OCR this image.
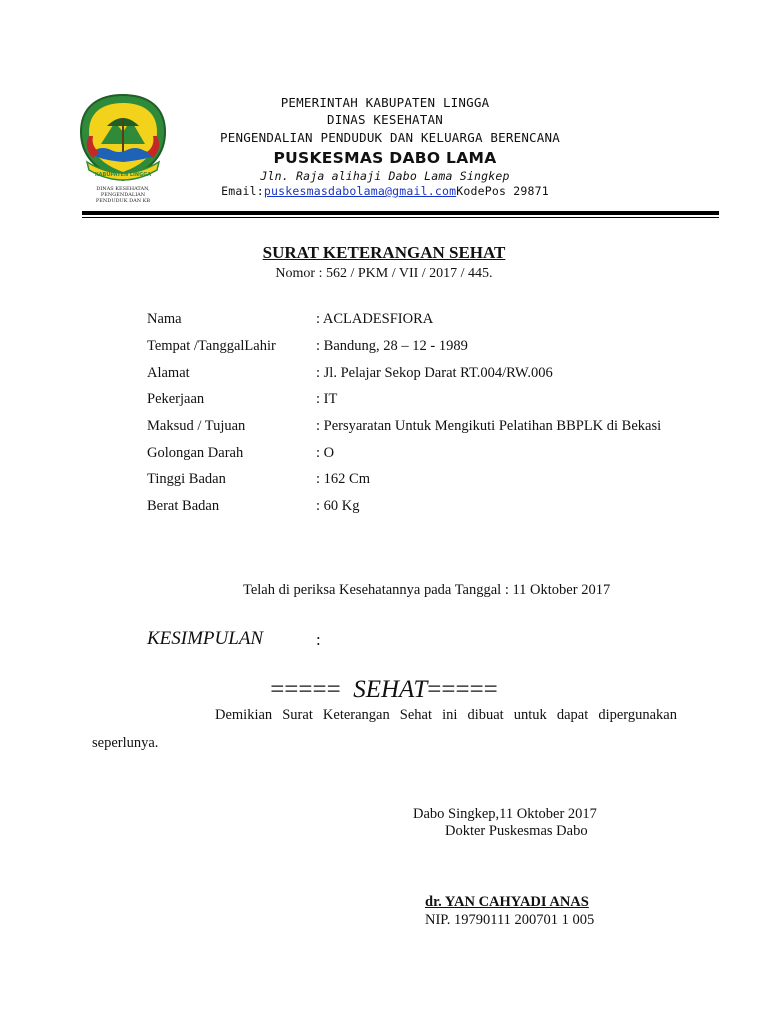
KABUPATEN LINGGA
DINAS KESEHATAN,
PENGENDALIAN
PENDUDUK DAN KB
PEMERINTAH KABUPATEN LINGGA
DINAS KESEHATAN
PENGENDALIAN PENDUDUK DAN KELUARGA BERENCANA
PUSKESMAS DABO LAMA
Jln. Raja alihaji Dabo Lama Singkep
Email:puskesmasdabolama@gmail.comKodePos 29871
SURAT KETERANGAN SEHAT
Nomor : 562 / PKM / VII / 2017 / 445.
Nama	: ACLADESFIORA
Tempat /TanggalLahir	: Bandung, 28 – 12 - 1989
Alamat	: Jl. Pelajar Sekop Darat RT.004/RW.006
Pekerjaan	: IT
Maksud / Tujuan	: Persyaratan Untuk Mengikuti Pelatihan BBPLK di Bekasi
Golongan Darah	: O
Tinggi Badan	: 162 Cm
Berat Badan	: 60 Kg
Telah di periksa Kesehatannya pada Tanggal : 11 Oktober 2017
KESIMPULAN	:
=====  SEHAT=====
Demikian Surat Keterangan Sehat ini dibuat untuk dapat dipergunakan
seperlunya.
Dabo Singkep,11 Oktober 2017
Dokter Puskesmas Dabo
dr. YAN CAHYADI ANAS
NIP. 19790111 200701 1 005
